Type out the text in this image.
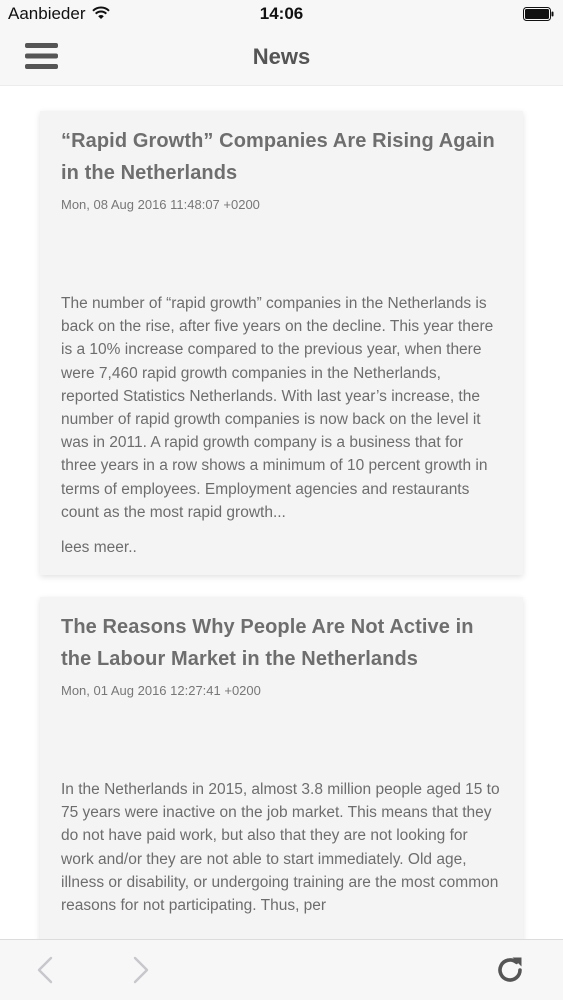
Aanbieder	14:06
News
“Rapid Growth” Companies Are Rising Again in the Netherlands
Mon, 08 Aug 2016 11:48:07 +0200
The number of “rapid growth” companies in the Netherlands is back on the rise, after five years on the decline. This year there is a 10% increase compared to the previous year, when there were 7,460 rapid growth companies in the Netherlands, reported Statistics Netherlands. With last year’s increase, the number of rapid growth companies is now back on the level it was in 2011. A rapid growth company is a business that for three years in a row shows a minimum of 10 percent growth in terms of employees. Employment agencies and restaurants count as the most rapid growth...
lees meer..
The Reasons Why People Are Not Active in the Labour Market in the Netherlands
Mon, 01 Aug 2016 12:27:41 +0200
In the Netherlands in 2015, almost 3.8 million people aged 15 to 75 years were inactive on the job market. This means that they do not have paid work, but also that they are not looking for work and/or they are not able to start immediately. Old age, illness or disability, or undergoing training are the most common reasons for not participating. Thus, per
